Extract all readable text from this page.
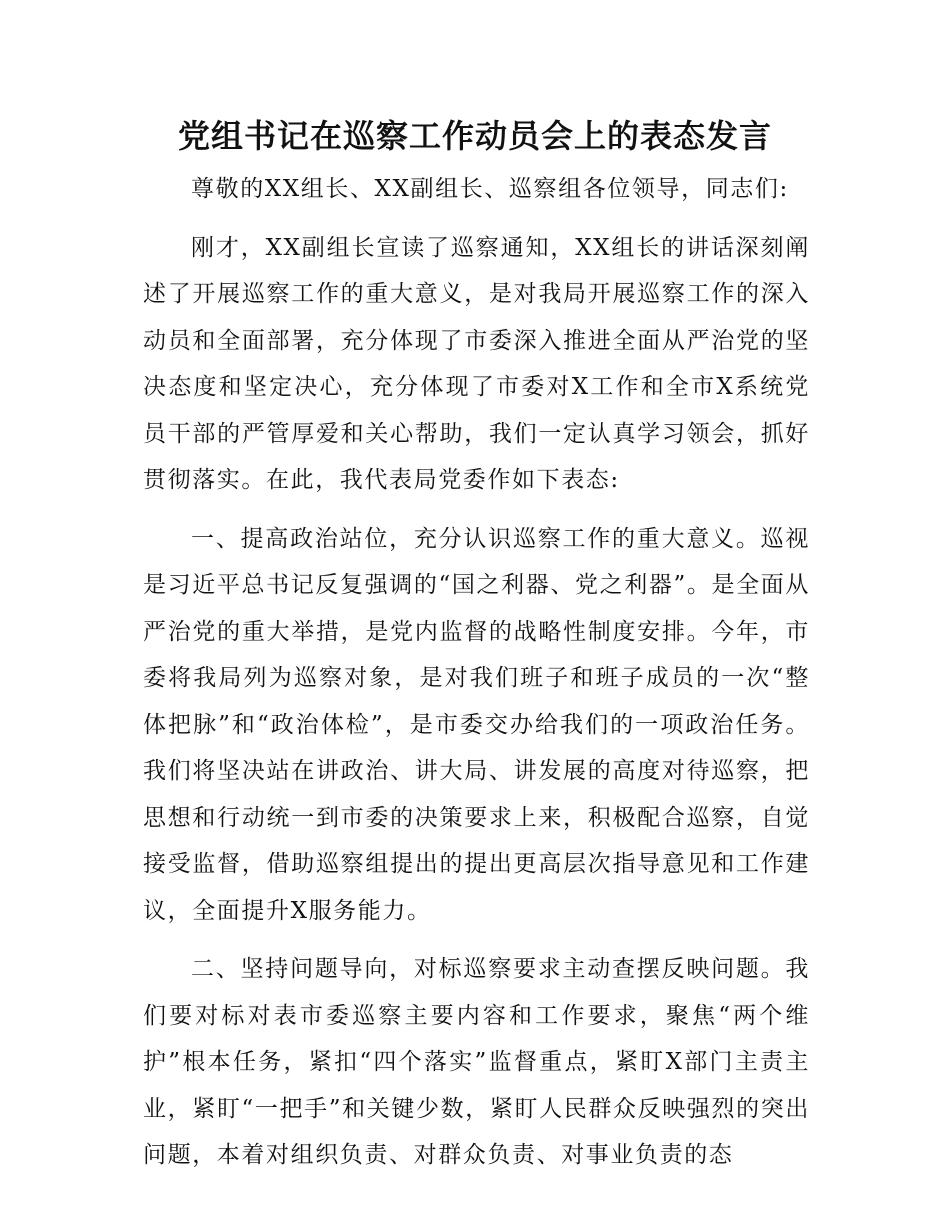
党组书记在巡察工作动员会上的表态发言

尊敬的XX组长、XX副组长、巡察组各位领导，同志们:

刚才，XX副组长宣读了巡察通知，XX组长的讲话深刻阐述了开展巡察工作的重大意义，是对我局开展巡察工作的深入动员和全面部署，充分体现了市委深入推进全面从严治党的坚决态度和坚定决心，充分体现了市委对X工作和全市X系统党员干部的严管厚爱和关心帮助，我们一定认真学习领会，抓好贯彻落实。在此，我代表局党委作如下表态:

一、提高政治站位，充分认识巡察工作的重大意义。巡视是习近平总书记反复强调的“国之利器、党之利器”。是全面从严治党的重大举措，是党内监督的战略性制度安排。今年，市委将我局列为巡察对象，是对我们班子和班子成员的一次“整体把脉”和“政治体检”，是市委交办给我们的一项政治任务。我们将坚决站在讲政治、讲大局、讲发展的高度对待巡察，把思想和行动统一到市委的决策要求上来，积极配合巡察，自觉接受监督，借助巡察组提出的提出更高层次指导意见和工作建议，全面提升X服务能力。

二、坚持问题导向，对标巡察要求主动查摆反映问题。我们要对标对表市委巡察主要内容和工作要求，聚焦“两个维护”根本任务，紧扣“四个落实”监督重点，紧盯X部门主责主业，紧盯“一把手”和关键少数，紧盯人民群众反映强烈的突出问题，本着对组织负责、对群众负责、对事业负责的态
